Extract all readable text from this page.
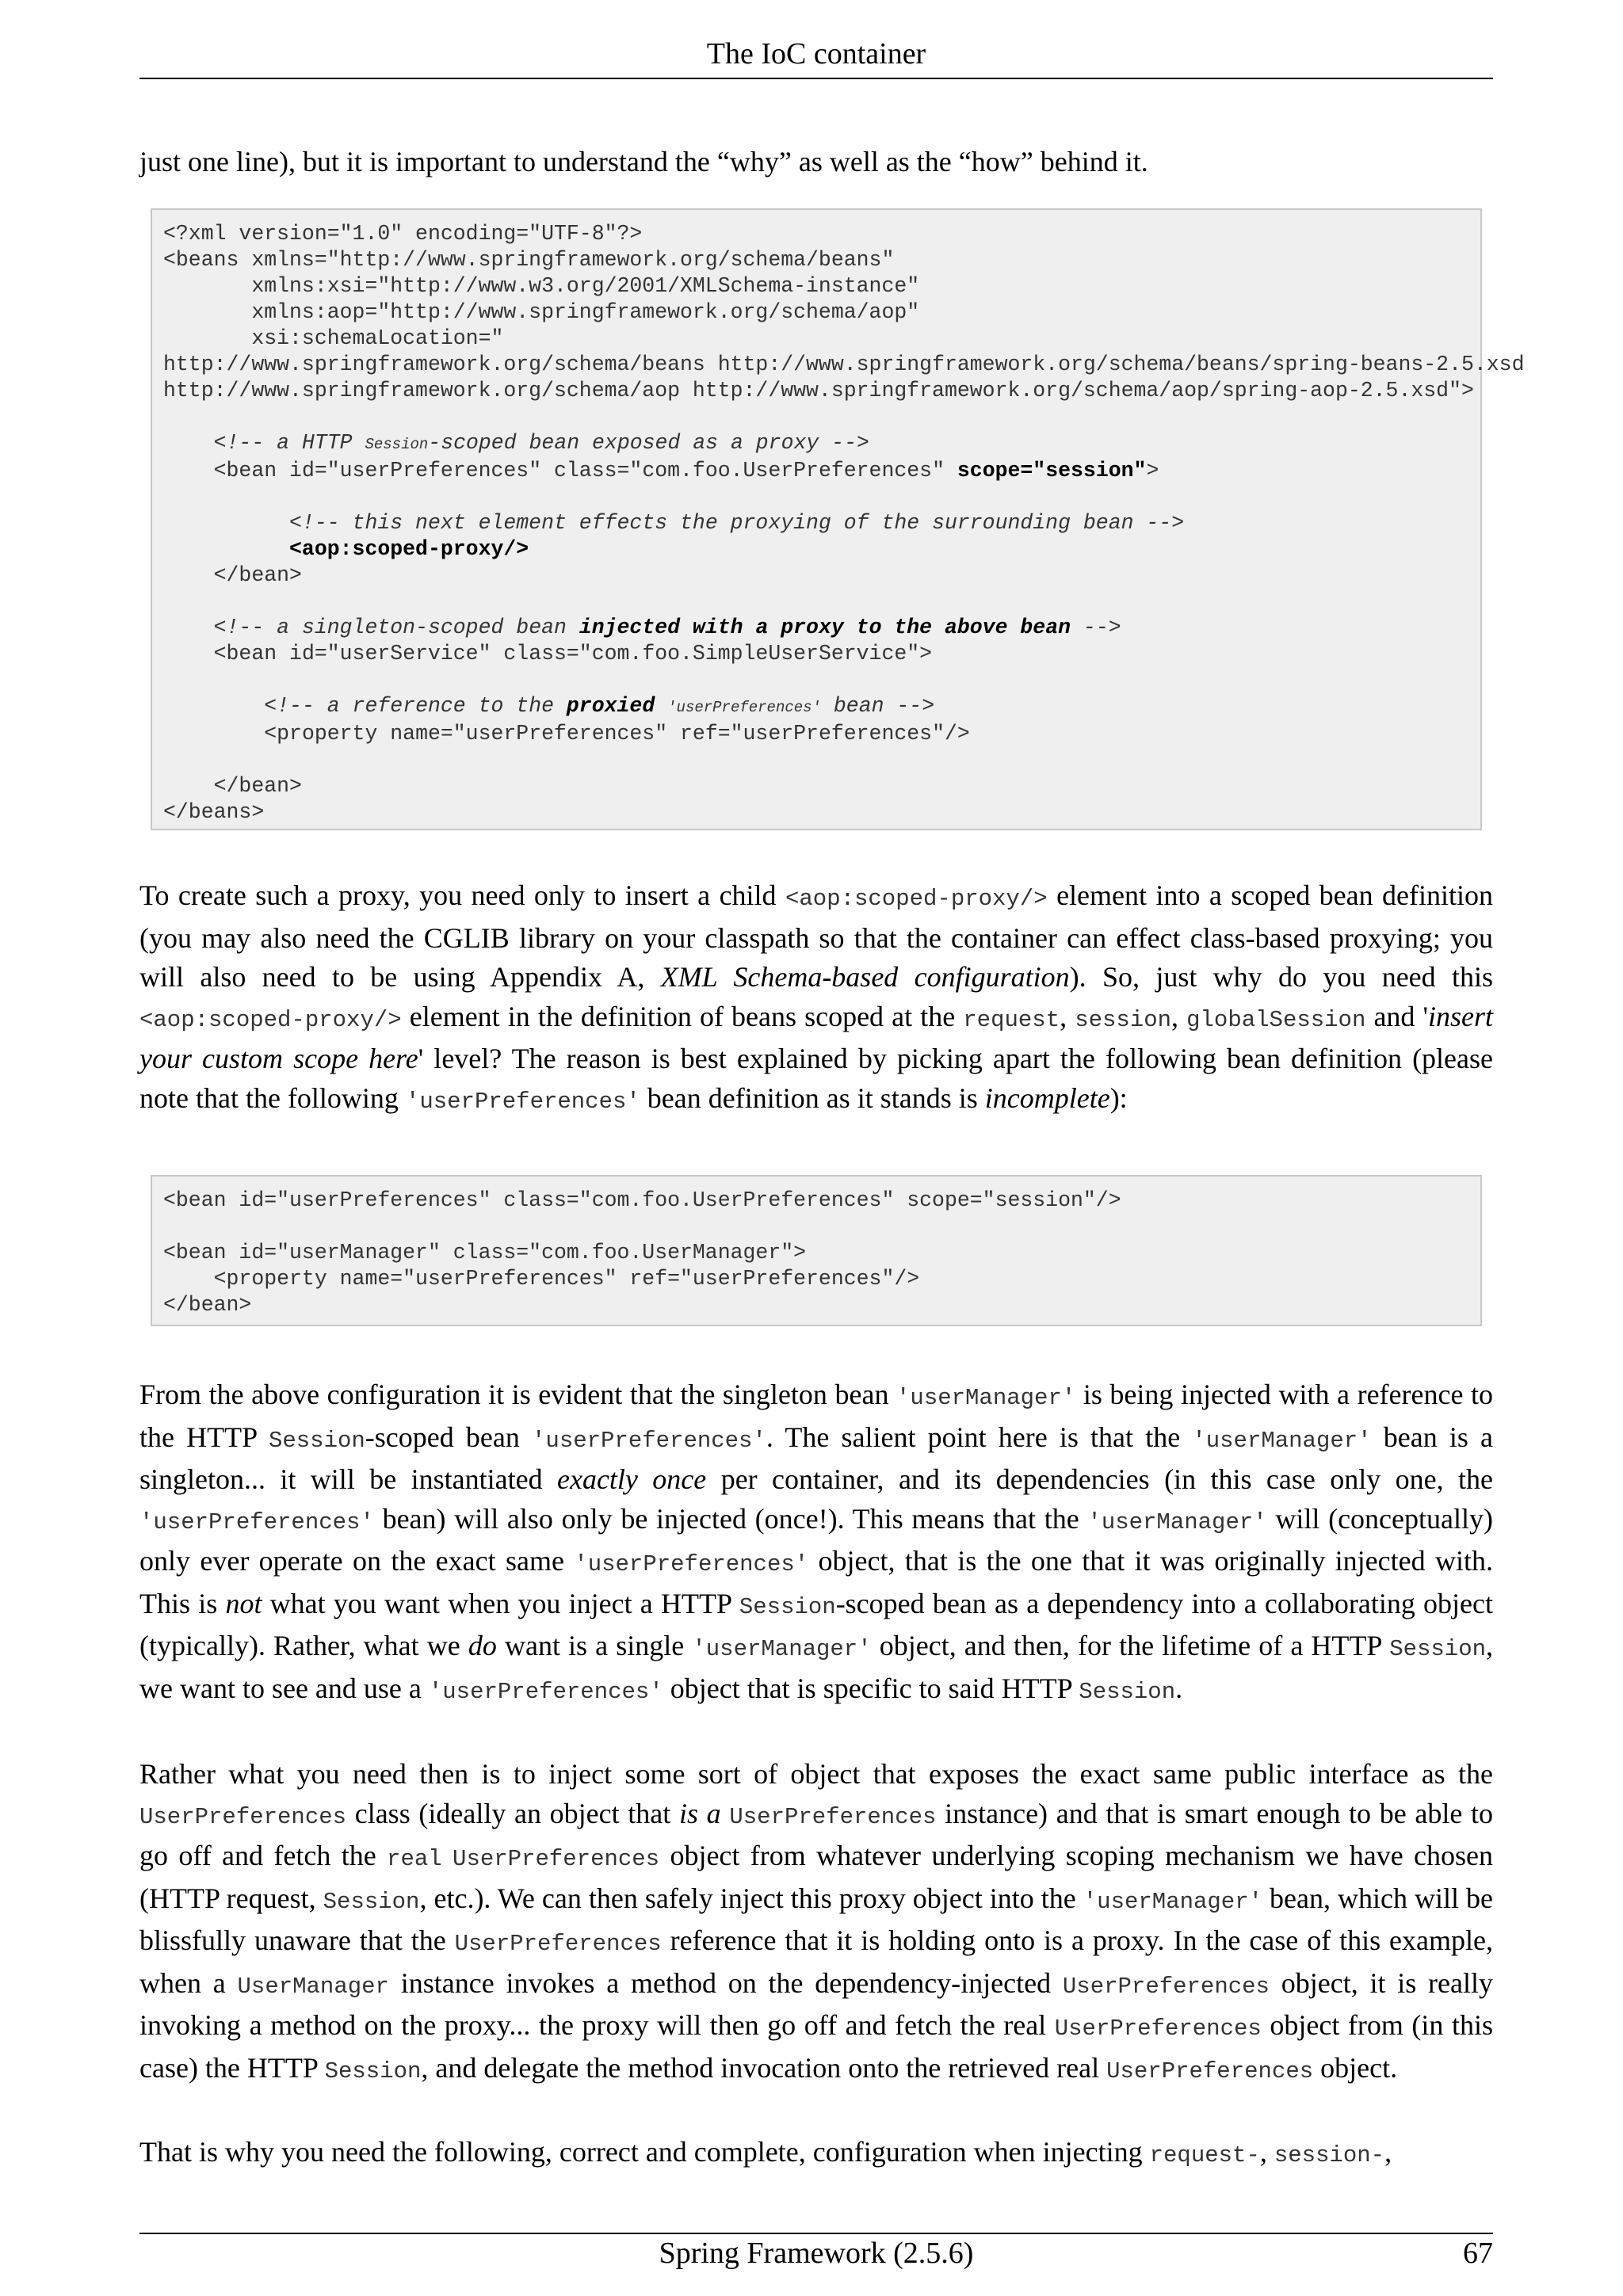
The IoC container

just one line), but it is important to understand the “why” as well as the “how” behind it.

<?xml version="1.0" encoding="UTF-8"?>
<beans xmlns="http://www.springframework.org/schema/beans"
xmlns:xsi="http://www.w3.org/2001/XMLSchema-instance"
xmlns:aop="http://www.springframework.org/schema/aop"
xsi:schemaLocation="
http://www.springframework.org/schema/beans http://www.springframework.org/schema/beans/spring-beans-2.5.xsd
http://www.springframework.org/schema/aop http://www.springframework.org/schema/aop/spring-aop-2.5.xsd">

<!-- a HTTP Session-scoped bean exposed as a proxy -->
<bean id="userPreferences" class="com.foo.UserPreferences" scope="session">

<!-- this next element effects the proxying of the surrounding bean -->
<aop:scoped-proxy/>
</bean>

<!-- a singleton-scoped bean injected with a proxy to the above bean -->
<bean id="userService" class="com.foo.SimpleUserService">

<!-- a reference to the proxied 'userPreferences' bean -->
<property name="userPreferences" ref="userPreferences"/>

</bean>
</beans>

To create such a proxy, you need only to insert a child <aop:scoped-proxy/> element into a scoped bean definition (you may also need the CGLIB library on your classpath so that the container can effect class-based proxying; you will also need to be using Appendix A, XML Schema-based configuration). So, just why do you need this <aop:scoped-proxy/> element in the definition of beans scoped at the request, session, globalSession and 'insert your custom scope here' level? The reason is best explained by picking apart the following bean definition (please note that the following 'userPreferences' bean definition as it stands is incomplete):

<bean id="userPreferences" class="com.foo.UserPreferences" scope="session"/>

<bean id="userManager" class="com.foo.UserManager">
<property name="userPreferences" ref="userPreferences"/>
</bean>

From the above configuration it is evident that the singleton bean 'userManager' is being injected with a reference to the HTTP Session-scoped bean 'userPreferences'. The salient point here is that the 'userManager' bean is a singleton... it will be instantiated exactly once per container, and its dependencies (in this case only one, the 'userPreferences' bean) will also only be injected (once!). This means that the 'userManager' will (conceptually) only ever operate on the exact same 'userPreferences' object, that is the one that it was originally injected with. This is not what you want when you inject a HTTP Session-scoped bean as a dependency into a collaborating object (typically). Rather, what we do want is a single 'userManager' object, and then, for the lifetime of a HTTP Session, we want to see and use a 'userPreferences' object that is specific to said HTTP Session.

Rather what you need then is to inject some sort of object that exposes the exact same public interface as the UserPreferences class (ideally an object that is a UserPreferences instance) and that is smart enough to be able to go off and fetch the real UserPreferences object from whatever underlying scoping mechanism we have chosen (HTTP request, Session, etc.). We can then safely inject this proxy object into the 'userManager' bean, which will be blissfully unaware that the UserPreferences reference that it is holding onto is a proxy. In the case of this example, when a UserManager instance invokes a method on the dependency-injected UserPreferences object, it is really invoking a method on the proxy... the proxy will then go off and fetch the real UserPreferences object from (in this case) the HTTP Session, and delegate the method invocation onto the retrieved real UserPreferences object.

That is why you need the following, correct and complete, configuration when injecting request-, session-,

Spring Framework (2.5.6)	67
